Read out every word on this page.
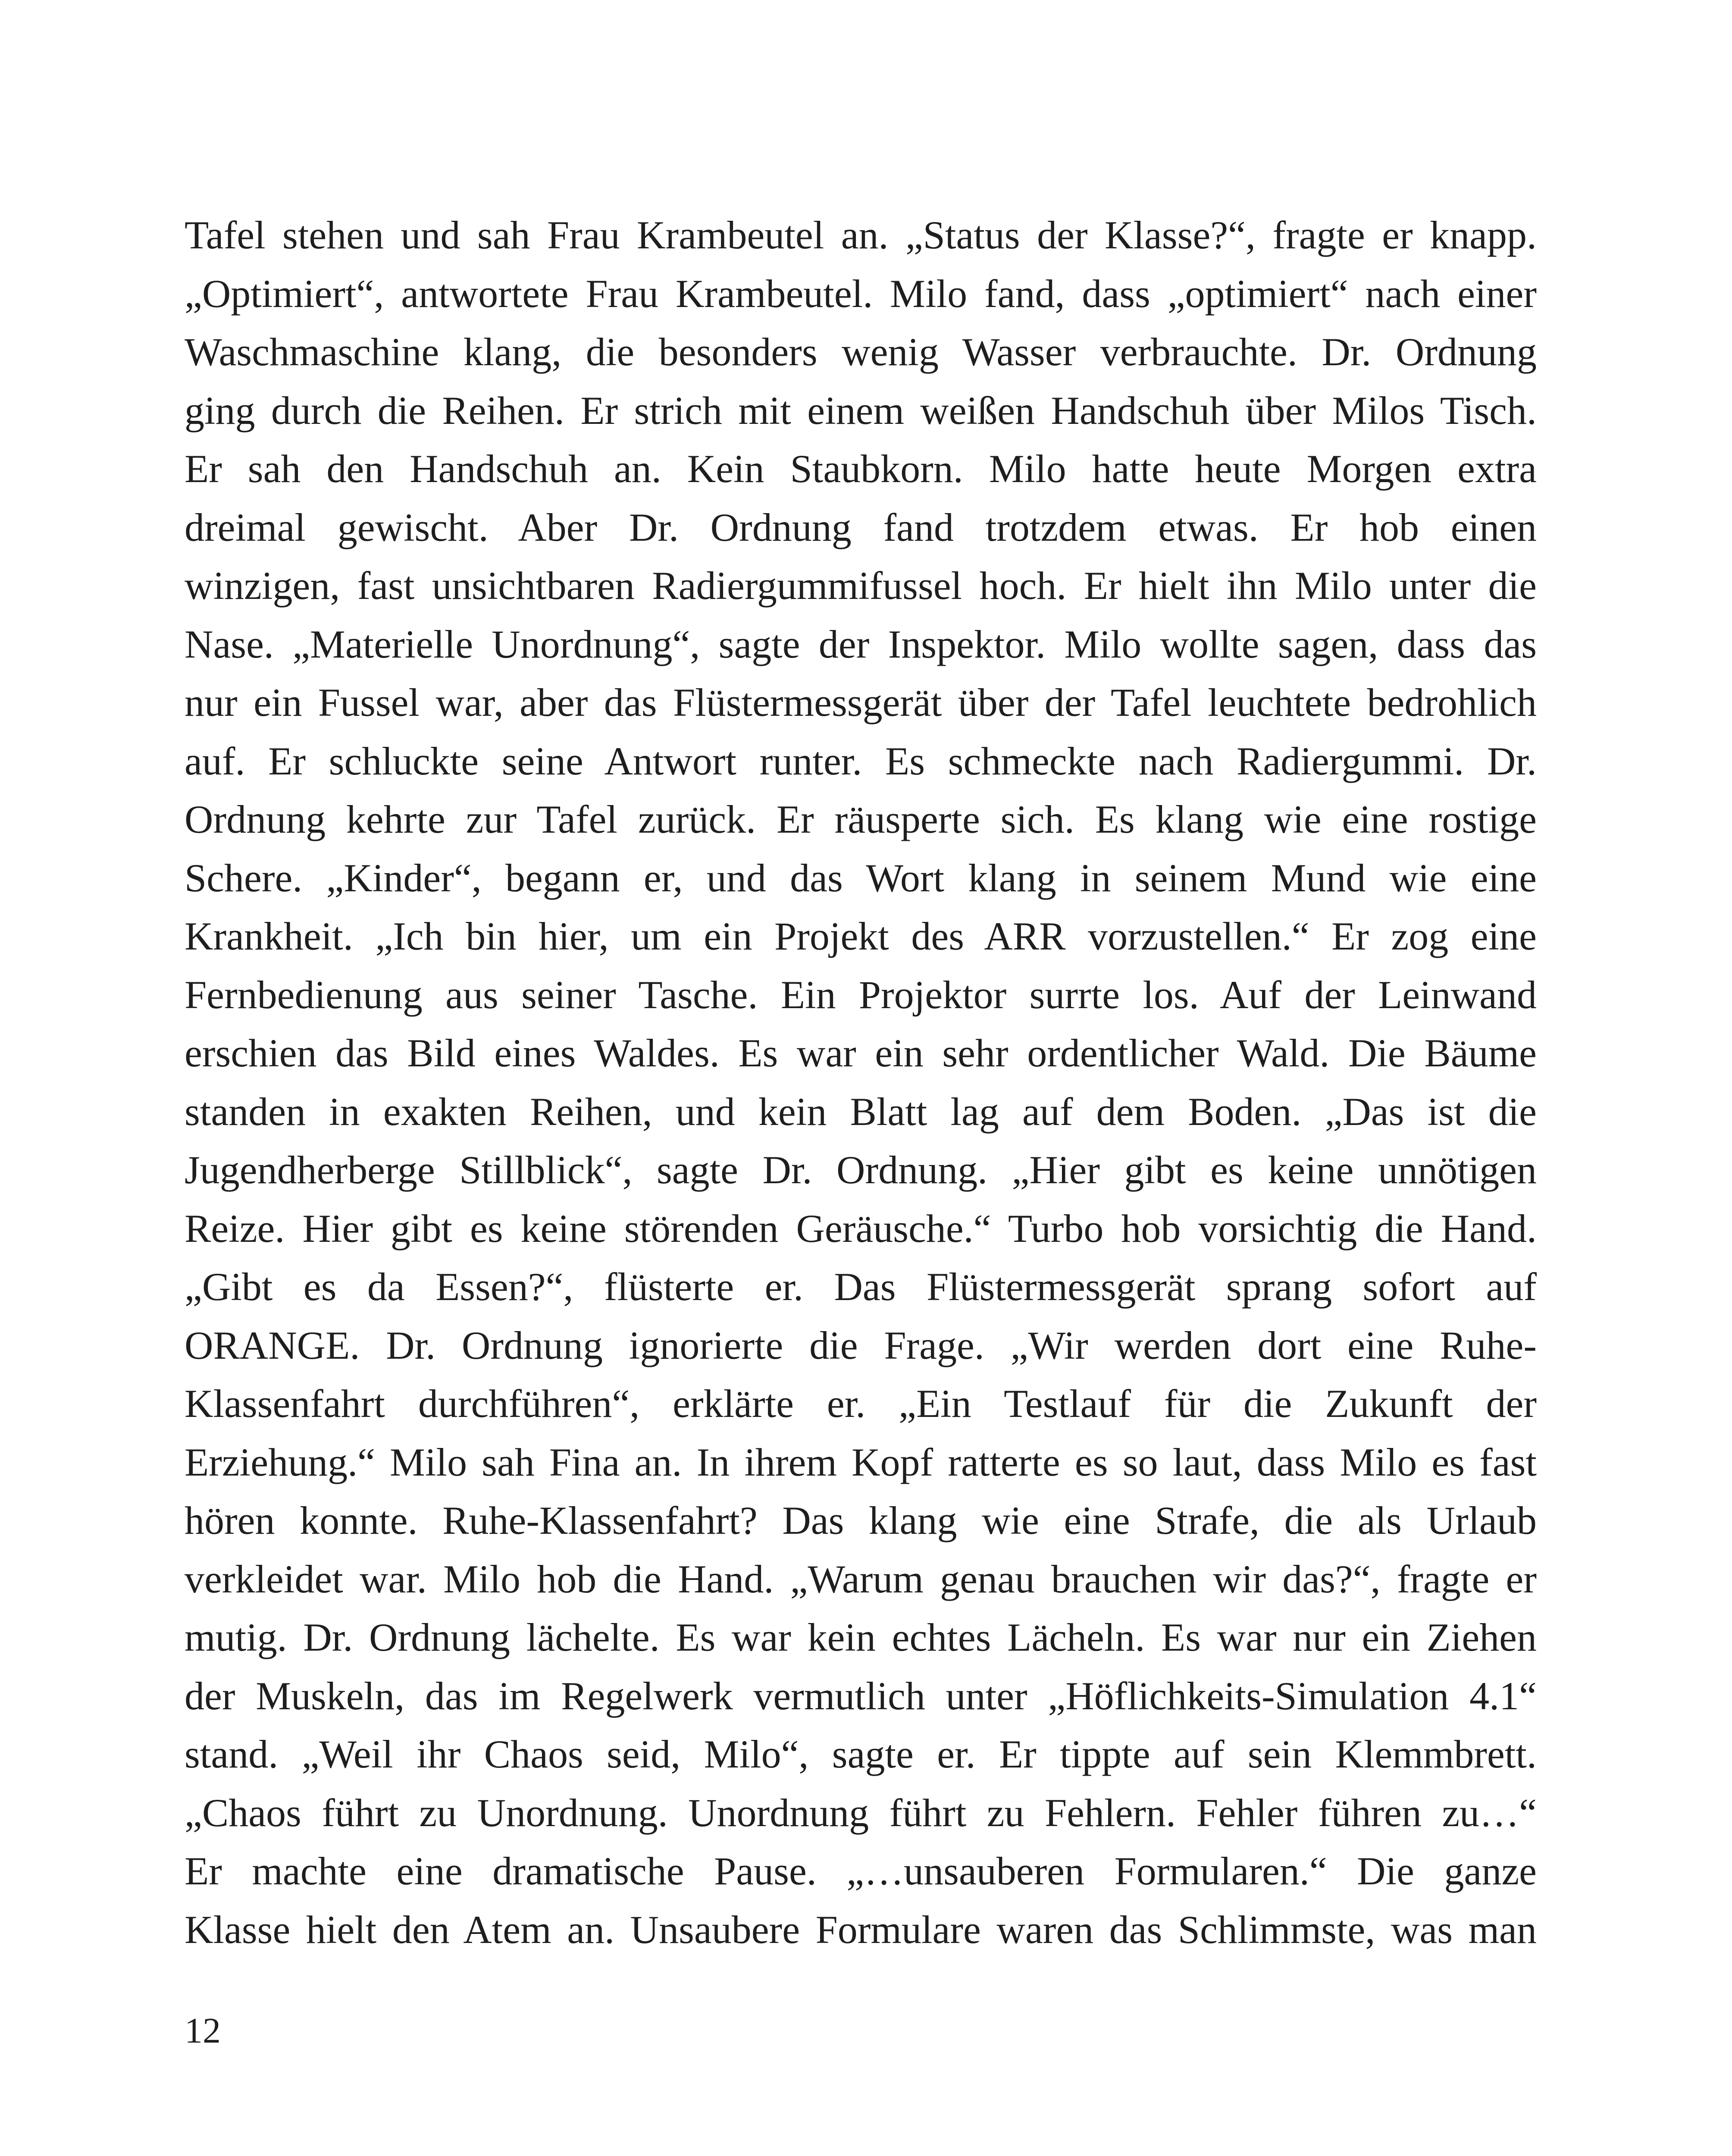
Tafel stehen und sah Frau Krambeutel an. „Status der Klasse?“, fragte er knapp.
„Optimiert“, antwortete Frau Krambeutel. Milo fand, dass „optimiert“ nach einer
Waschmaschine klang, die besonders wenig Wasser verbrauchte. Dr. Ordnung
ging durch die Reihen. Er strich mit einem weißen Handschuh über Milos Tisch.
Er sah den Handschuh an. Kein Staubkorn. Milo hatte heute Morgen extra
dreimal gewischt. Aber Dr. Ordnung fand trotzdem etwas. Er hob einen
winzigen, fast unsichtbaren Radiergummifussel hoch. Er hielt ihn Milo unter die
Nase. „Materielle Unordnung“, sagte der Inspektor. Milo wollte sagen, dass das
nur ein Fussel war, aber das Flüstermessgerät über der Tafel leuchtete bedrohlich
auf. Er schluckte seine Antwort runter. Es schmeckte nach Radiergummi. Dr.
Ordnung kehrte zur Tafel zurück. Er räusperte sich. Es klang wie eine rostige
Schere. „Kinder“, begann er, und das Wort klang in seinem Mund wie eine
Krankheit. „Ich bin hier, um ein Projekt des ARR vorzustellen.“ Er zog eine
Fernbedienung aus seiner Tasche. Ein Projektor surrte los. Auf der Leinwand
erschien das Bild eines Waldes. Es war ein sehr ordentlicher Wald. Die Bäume
standen in exakten Reihen, und kein Blatt lag auf dem Boden. „Das ist die
Jugendherberge Stillblick“, sagte Dr. Ordnung. „Hier gibt es keine unnötigen
Reize. Hier gibt es keine störenden Geräusche.“ Turbo hob vorsichtig die Hand.
„Gibt es da Essen?“, flüsterte er. Das Flüstermessgerät sprang sofort auf
ORANGE. Dr. Ordnung ignorierte die Frage. „Wir werden dort eine Ruhe-
Klassenfahrt durchführen“, erklärte er. „Ein Testlauf für die Zukunft der
Erziehung.“ Milo sah Fina an. In ihrem Kopf ratterte es so laut, dass Milo es fast
hören konnte. Ruhe-Klassenfahrt? Das klang wie eine Strafe, die als Urlaub
verkleidet war. Milo hob die Hand. „Warum genau brauchen wir das?“, fragte er
mutig. Dr. Ordnung lächelte. Es war kein echtes Lächeln. Es war nur ein Ziehen
der Muskeln, das im Regelwerk vermutlich unter „Höflichkeits-Simulation 4.1“
stand. „Weil ihr Chaos seid, Milo“, sagte er. Er tippte auf sein Klemmbrett.
„Chaos führt zu Unordnung. Unordnung führt zu Fehlern. Fehler führen zu…“
Er machte eine dramatische Pause. „…unsauberen Formularen.“ Die ganze
Klasse hielt den Atem an. Unsaubere Formulare waren das Schlimmste, was man

12
